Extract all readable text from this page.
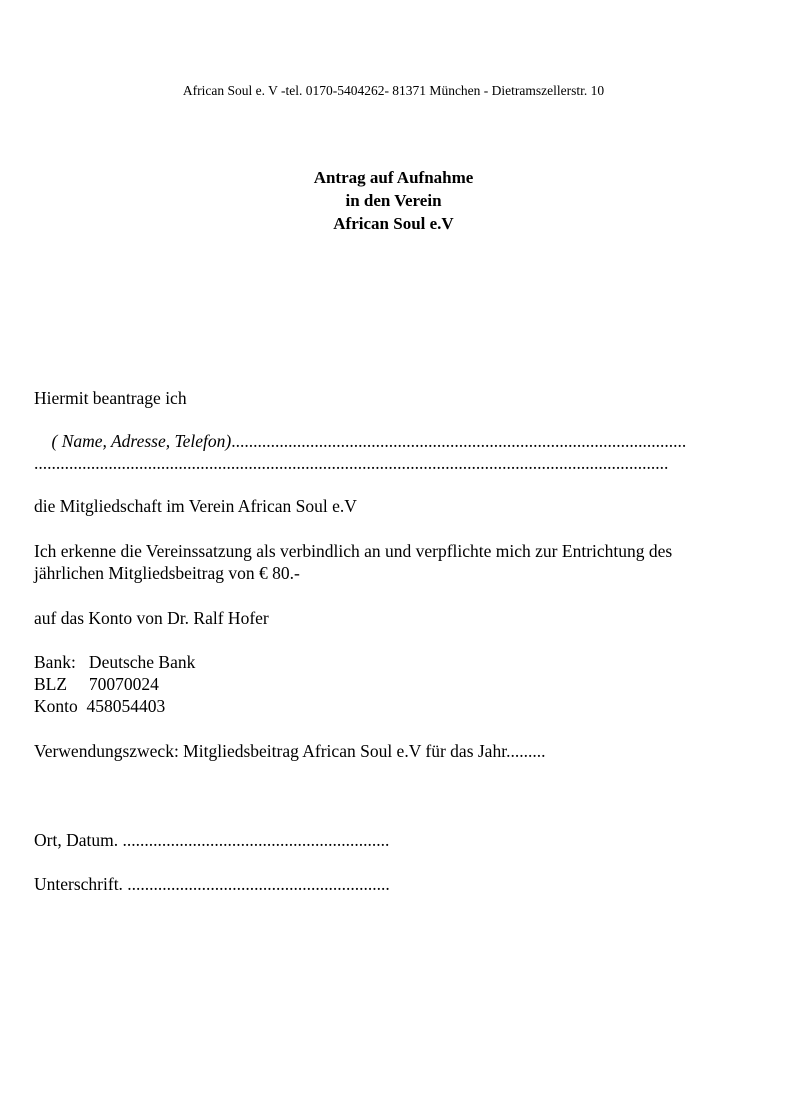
African Soul e. V -tel. 0170-5404262- 81371 München - Dietramszellerstr. 10
Antrag auf Aufnahme
in den Verein
African Soul e.V
Hiermit beantrage ich

( Name, Adresse, Telefon)........................................................................................................

.................................................................................................................................................
die Mitgliedschaft im Verein African Soul e.V
Ich erkenne die Vereinssatzung als verbindlich an und verpflichte mich zur Entrichtung des
jährlichen Mitgliedsbeitrag von € 80.-
auf das Konto von Dr. Ralf Hofer
Bank:   Deutsche Bank
BLZ     70070024
Konto  458054403
Verwendungszweck: Mitgliedsbeitrag African Soul e.V für das Jahr.........
Ort, Datum. .............................................................
Unterschrift. ............................................................
